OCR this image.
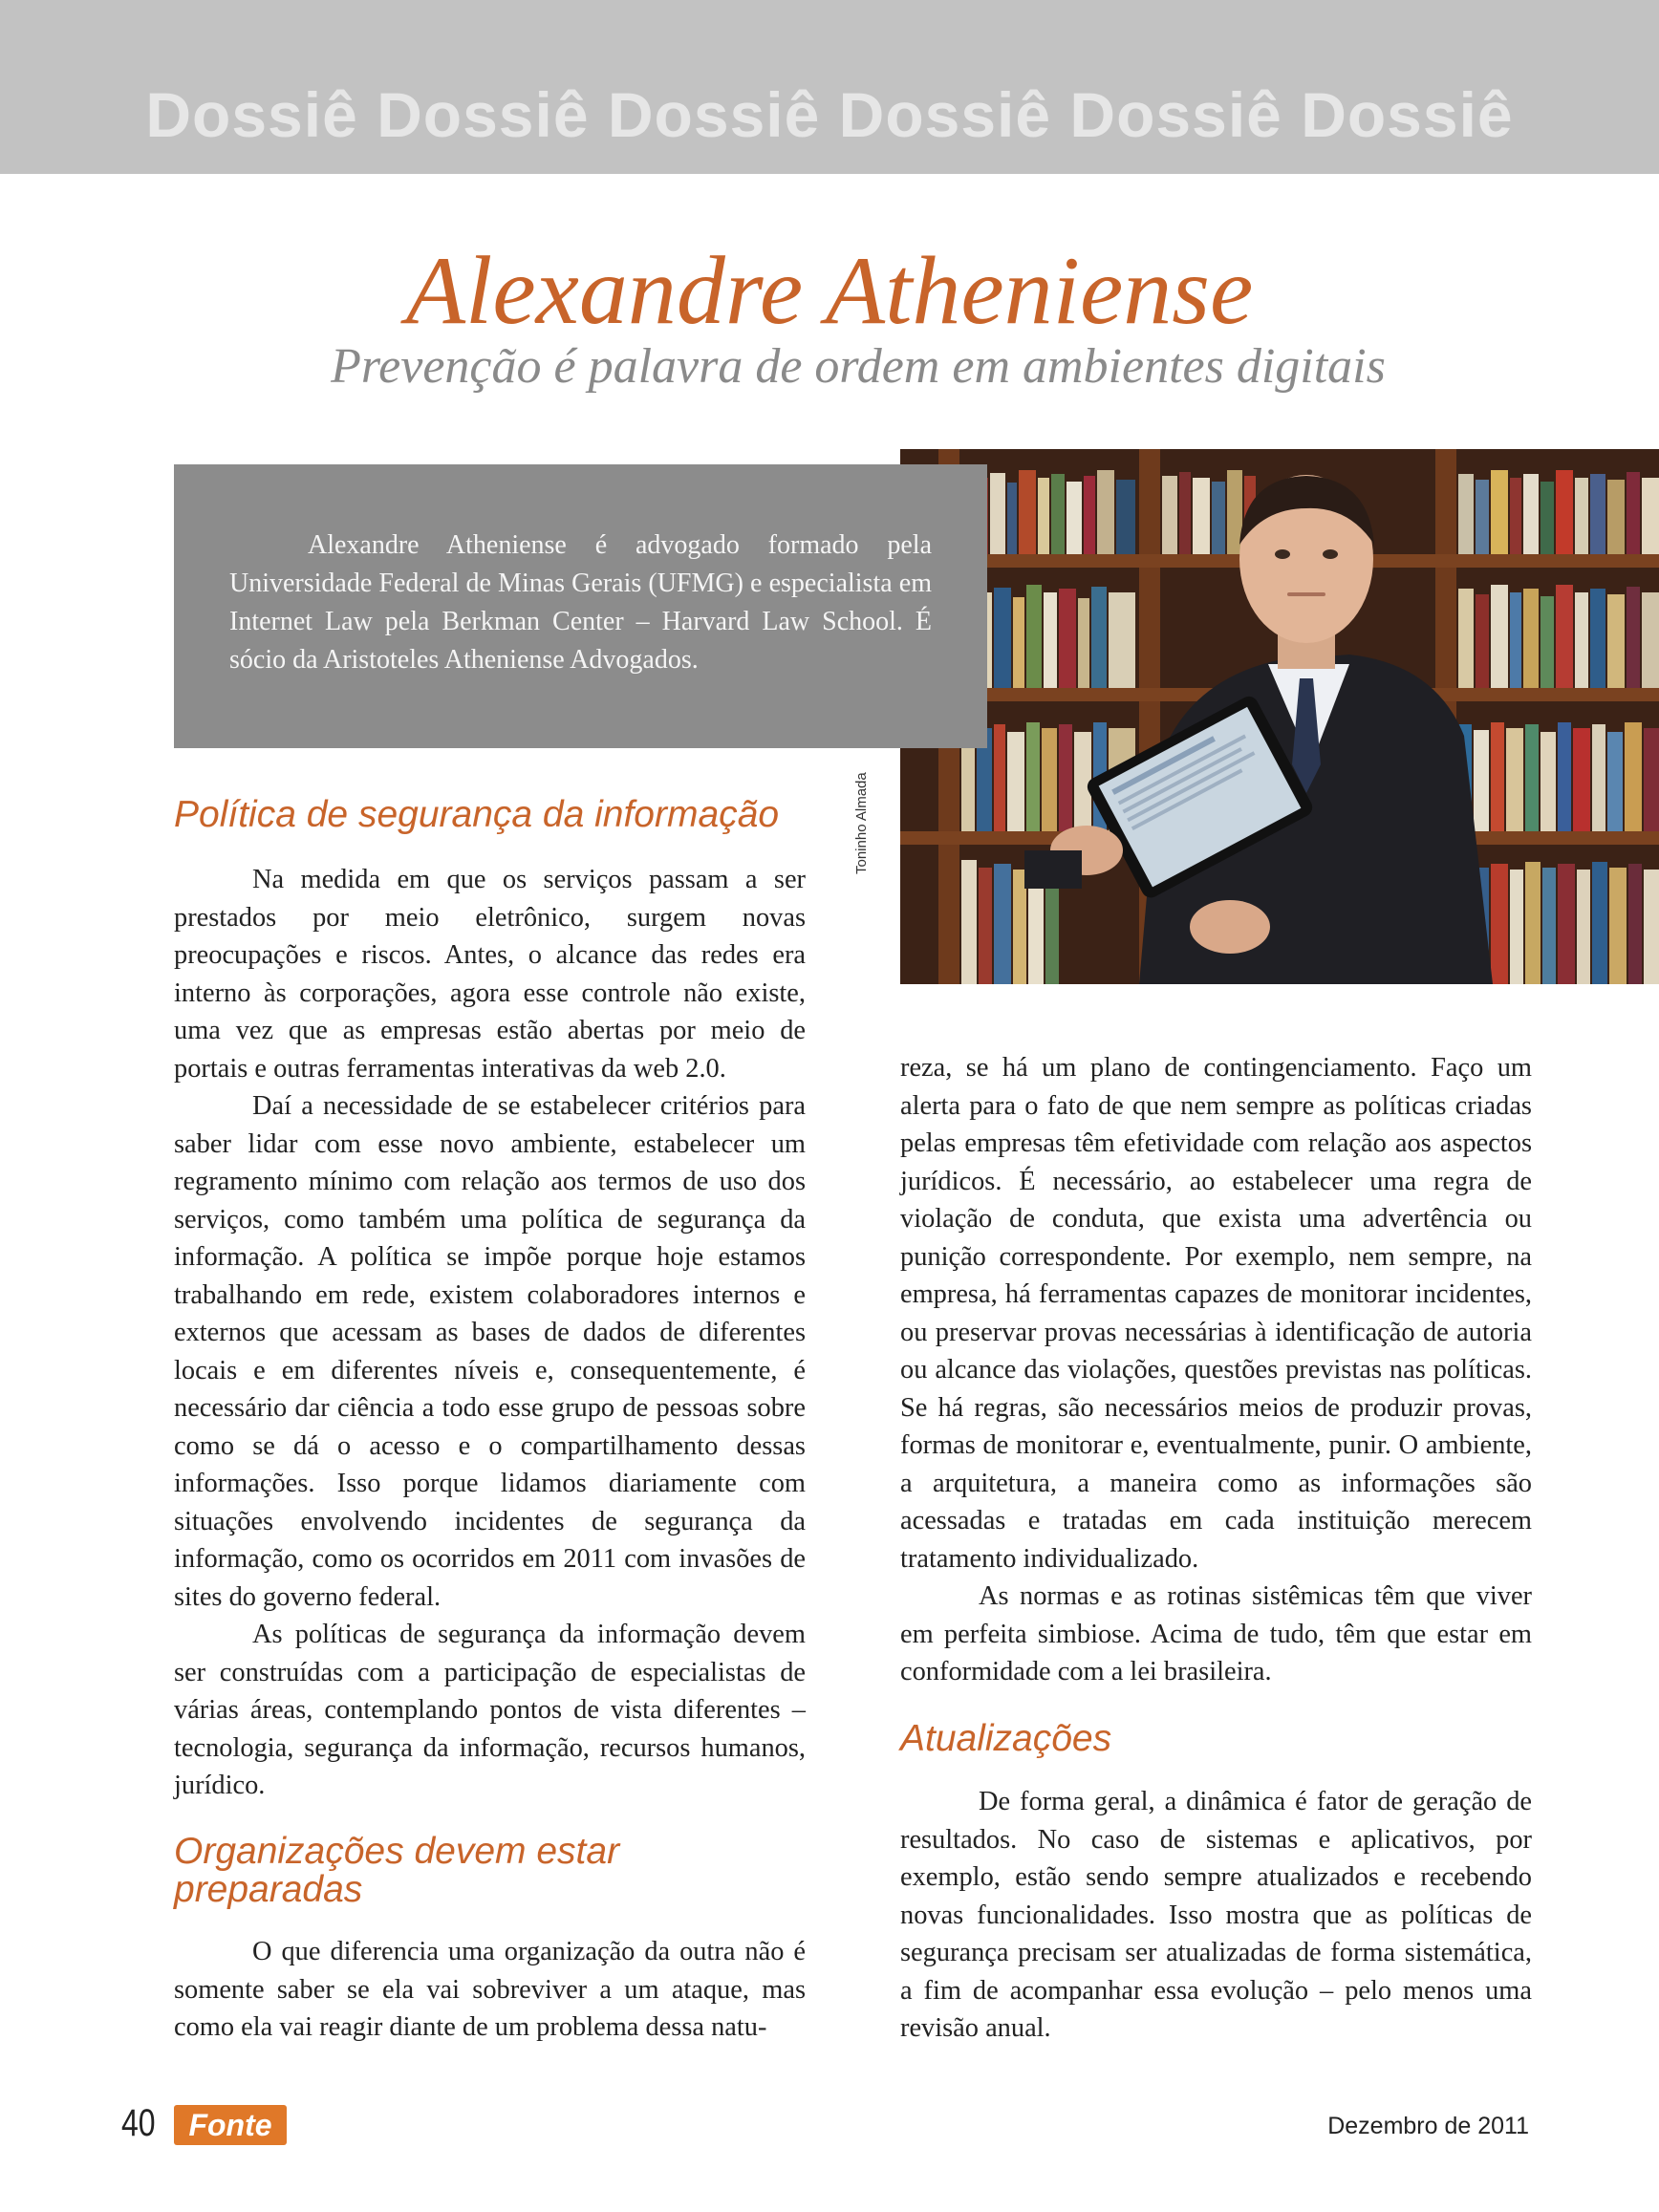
Dossiê Dossiê Dossiê Dossiê Dossiê Dossiê
Alexandre Atheniense
Prevenção é palavra de ordem em ambientes digitais
Toninho Almada

Alexandre Atheniense é advogado formado pela Universidade Federal de Minas Gerais (UFMG) e especialista em Internet Law pela Berkman Center – Harvard Law School. É sócio da Aristoteles Atheniense Advogados.

Política de segurança da informação

Na medida em que os serviços passam a ser prestados por meio eletrônico, surgem novas preocupações e riscos. Antes, o alcance das redes era interno às corporações, agora esse controle não existe, uma vez que as empresas estão abertas por meio de portais e outras ferramentas interativas da web 2.0.

Daí a necessidade de se estabelecer critérios para saber lidar com esse novo ambiente, estabelecer um regramento mínimo com relação aos termos de uso dos serviços, como também uma política de segurança da informação. A política se impõe porque hoje estamos trabalhando em rede, existem colaboradores internos e externos que acessam as bases de dados de diferentes locais e em diferentes níveis e, consequentemente, é necessário dar ciência a todo esse grupo de pessoas sobre como se dá o acesso e o compartilhamento dessas informações. Isso porque lidamos diariamente com situações envolvendo incidentes de segurança da informação, como os ocorridos em 2011 com invasões de sites do governo federal.

As políticas de segurança da informação devem ser construídas com a participação de especialistas de várias áreas, contemplando pontos de vista diferentes – tecnologia, segurança da informação, recursos humanos, jurídico.

Organizações devem estar preparadas

O que diferencia uma organização da outra não é somente saber se ela vai sobreviver a um ataque, mas como ela vai reagir diante de um problema dessa natu-

reza, se há um plano de contingenciamento. Faço um alerta para o fato de que nem sempre as políticas criadas pelas empresas têm efetividade com relação aos aspectos jurídicos. É necessário, ao estabelecer uma regra de violação de conduta, que exista uma advertência ou punição correspondente. Por exemplo, nem sempre, na empresa, há ferramentas capazes de monitorar incidentes, ou preservar provas necessárias à identificação de autoria ou alcance das violações, questões previstas nas políticas. Se há regras, são necessários meios de produzir provas, formas de monitorar e, eventualmente, punir. O ambiente, a arquitetura, a maneira como as informações são acessadas e tratadas em cada instituição merecem tratamento individualizado.

As normas e as rotinas sistêmicas têm que viver em perfeita simbiose. Acima de tudo, têm que estar em conformidade com a lei brasileira.

Atualizações

De forma geral, a dinâmica é fator de geração de resultados. No caso de sistemas e aplicativos, por exemplo, estão sendo sempre atualizados e recebendo novas funcionalidades. Isso mostra que as políticas de segurança precisam ser atualizadas de forma sistemática, a fim de acompanhar essa evolução – pelo menos uma revisão anual.

40	Fonte	Dezembro de 2011
